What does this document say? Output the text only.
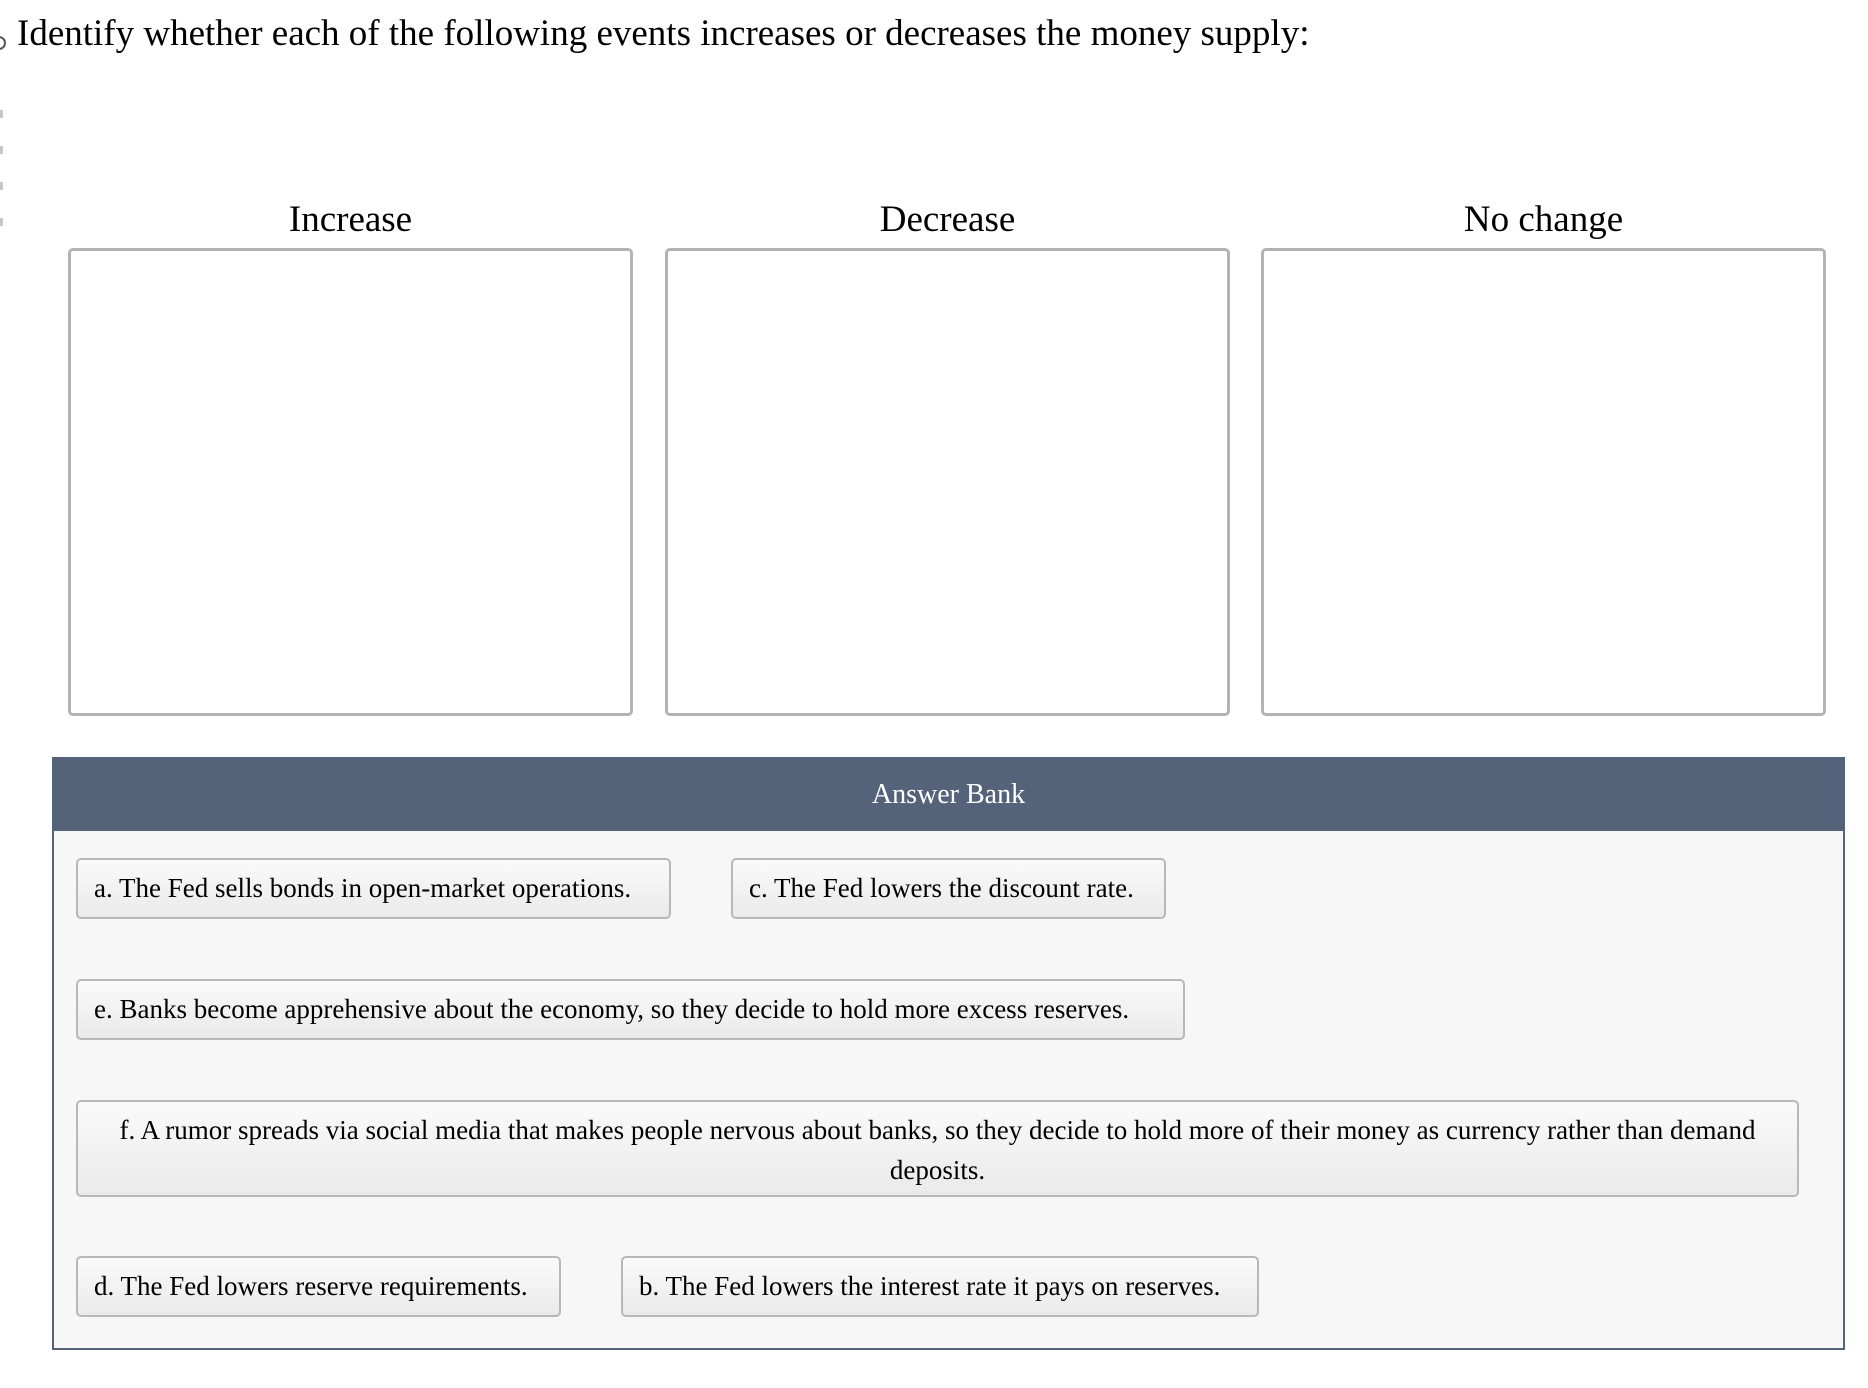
Identify whether each of the following events increases or decreases the money supply:
Increase	Decrease	No change
Answer Bank
a. The Fed sells bonds in open-market operations.	c. The Fed lowers the discount rate.
e. Banks become apprehensive about the economy, so they decide to hold more excess reserves.
f. A rumor spreads via social media that makes people nervous about banks, so they decide to hold more of their money as currency rather than demand deposits.
d. The Fed lowers reserve requirements.	b. The Fed lowers the interest rate it pays on reserves.
